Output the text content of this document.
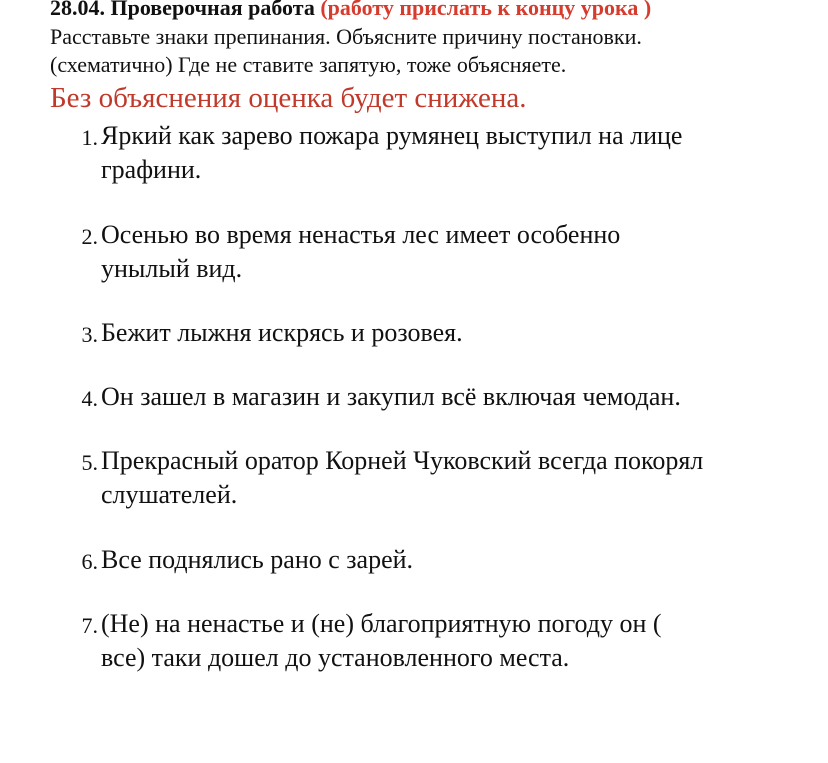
28.04. Проверочная работа (работу прислать к концу урока )
Расставьте знаки препинания. Объясните причину постановки.
(схематично) Где не ставите запятую, тоже объясняете.
Без объяснения оценка будет снижена.
1. Яркий как зарево пожара румянец выступил на лице
графини.
2. Осенью во время ненастья лес имеет особенно
унылый вид.
3. Бежит лыжня искрясь и розовея.
4. Он зашел в магазин и закупил всё включая чемодан.
5. Прекрасный оратор Корней Чуковский всегда покорял
слушателей.
6. Все поднялись рано с зарей.
7. (Не) на ненастье и (не) благоприятную погоду он (
все) таки дошел до установленного места.
